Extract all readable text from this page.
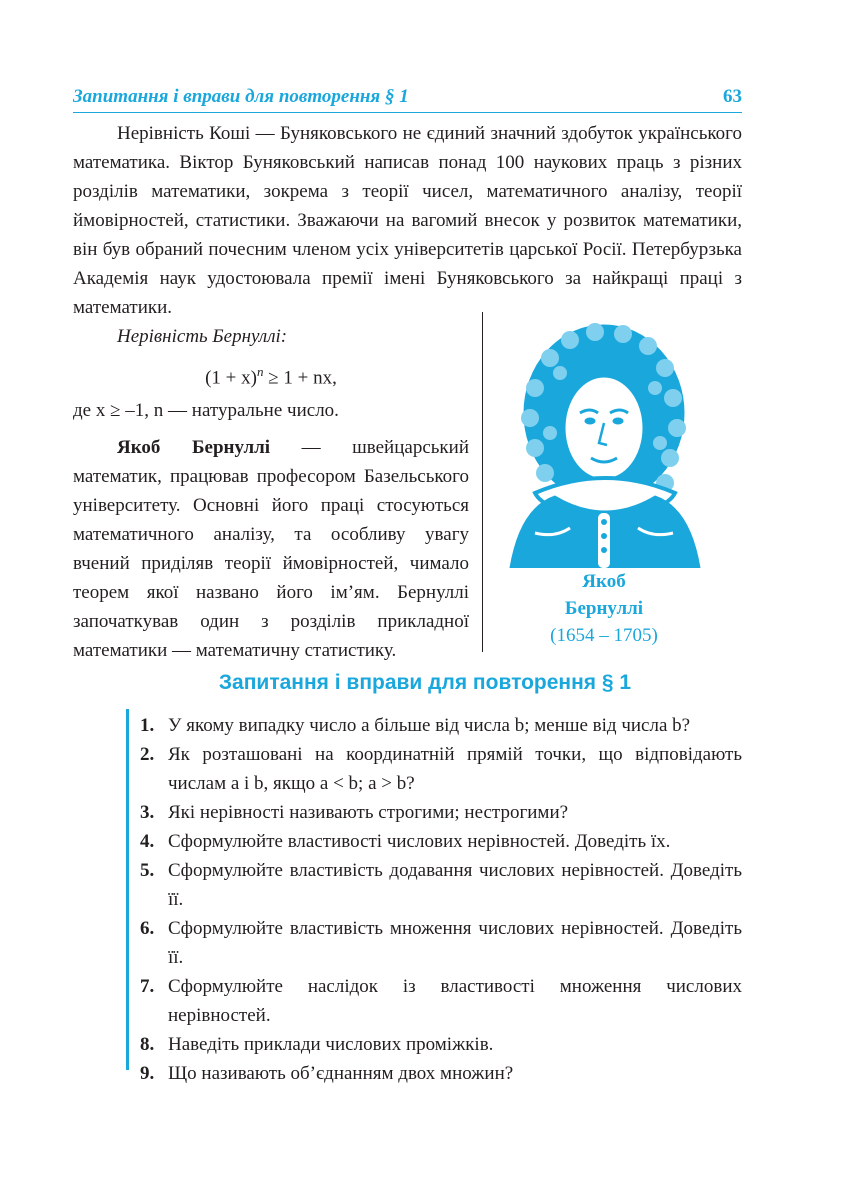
Запитання і вправи для повторення § 1	63

Нерівність Коші — Буняковського не єдиний значний здобуток українського математика. Віктор Буняковський написав понад 100 наукових праць з різних розділів математики, зокрема з теорії чисел, математичного аналізу, теорії ймовірностей, статистики. Зважаючи на вагомий внесок у розвиток математики, він був обраний почесним членом усіх університетів царської Росії. Петербурзька Академія наук удостоювала премії імені Буняковського за найкращі праці з математики.

Нерівність Бернуллі:

$(1 + x)^n \ge 1$ + nx,

де x ≥ –1, n — натуральне число.

Якоб Бернуллі — швейцарський математик, працював професором Базельського університету. Основні його праці стосуються математичного аналізу, та особливу увагу вчений приділяв теорії ймовірностей, чимало теорем якої названо його ім’ям. Бернуллі започаткував один з розділів прикладної математики — математичну статистику.

Якоб
Бернуллі
(1654 – 1705)
Запитання і вправи для повторення § 1
1. У якому випадку число a більше від числа b; менше від числа b?
2. Як розташовані на координатній прямій точки, що відповідають числам a і b, якщо a < b; a > b?
3. Які нерівності називають строгими; нестрогими?
4. Сформулюйте властивості числових нерівностей. Доведіть їх.
5. Сформулюйте властивість додавання числових нерівностей. Доведіть її.
6. Сформулюйте властивість множення числових нерівностей. Доведіть її.
7. Сформулюйте наслідок із властивості множення числових нерівностей.
8. Наведіть приклади числових проміжків.
9. Що називають об’єднанням двох множин?
